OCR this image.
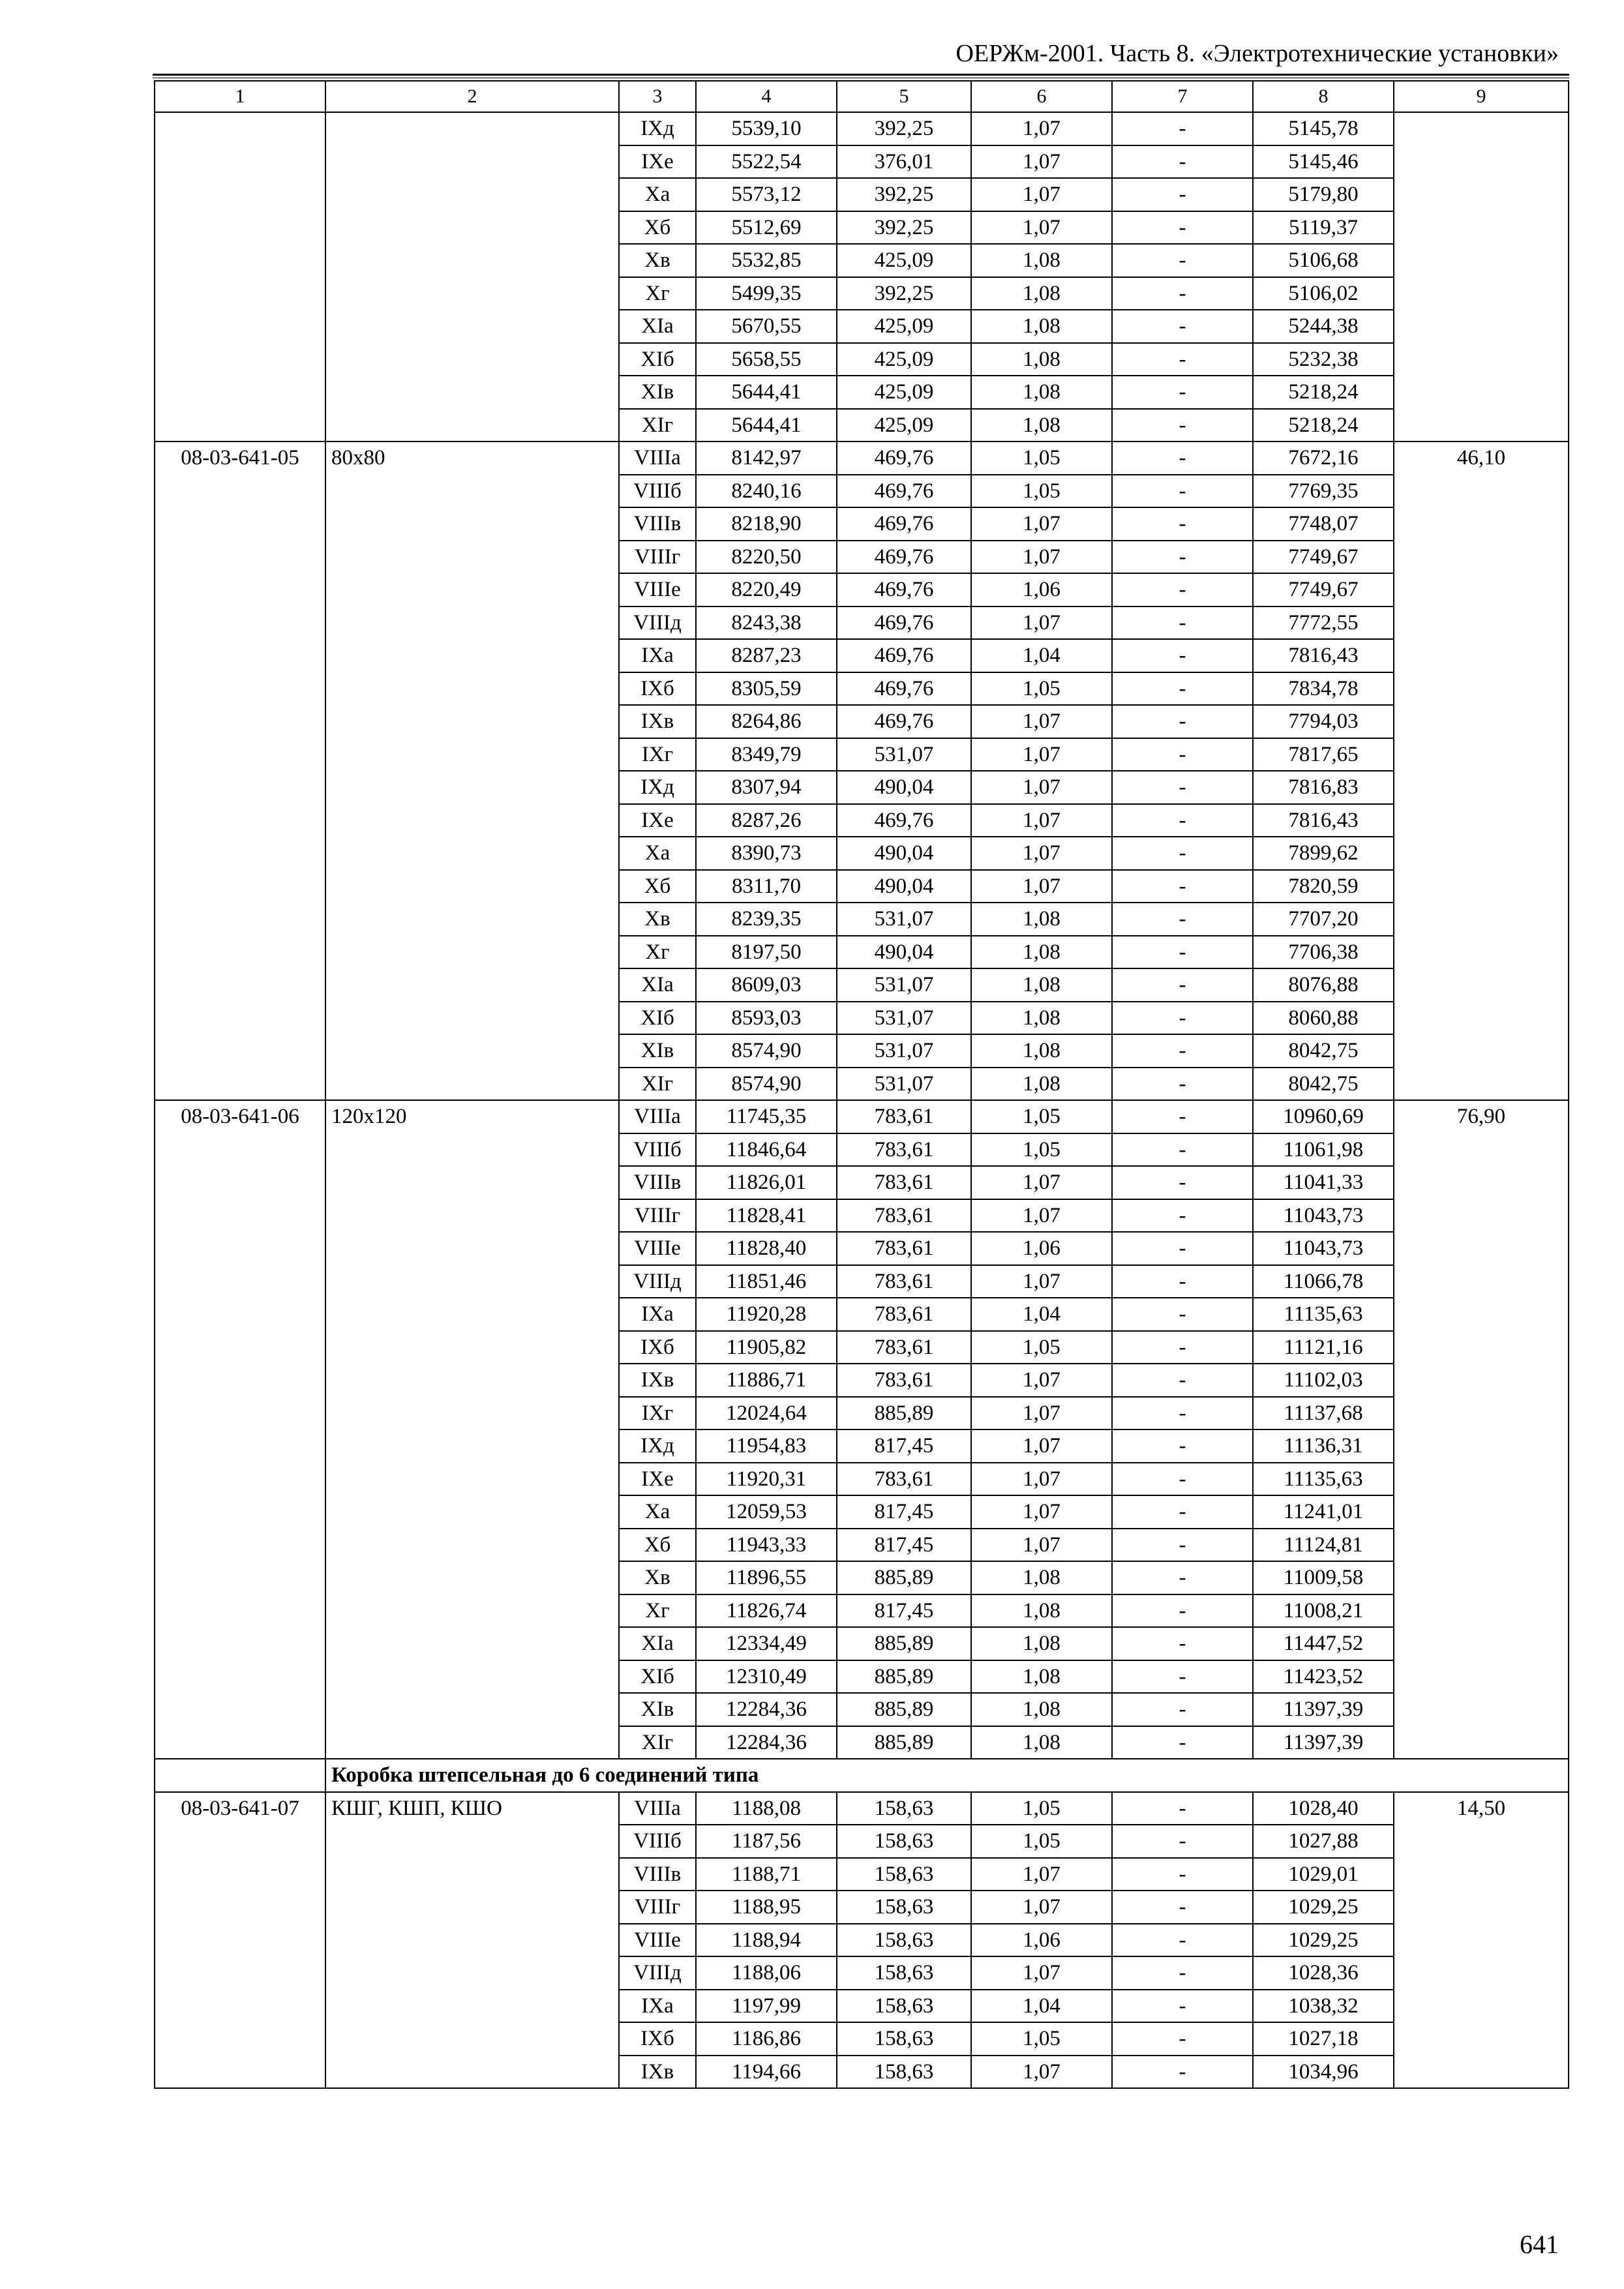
ОЕРЖм-2001. Часть 8. «Электротехнические установки»
1	2	3	4	5	6	7	8	9
		IXд	5539,10	392,25	1,07	-	5145,78	
		IXе	5522,54	376,01	1,07	-	5145,46	
		Xа	5573,12	392,25	1,07	-	5179,80	
		Xб	5512,69	392,25	1,07	-	5119,37	
		Xв	5532,85	425,09	1,08	-	5106,68	
		Xг	5499,35	392,25	1,08	-	5106,02	
		XIа	5670,55	425,09	1,08	-	5244,38	
		XIб	5658,55	425,09	1,08	-	5232,38	
		XIв	5644,41	425,09	1,08	-	5218,24	
		XIг	5644,41	425,09	1,08	-	5218,24	
08-03-641-05	80х80	VIIIа	8142,97	469,76	1,05	-	7672,16	46,10
		VIIIб	8240,16	469,76	1,05	-	7769,35	
		VIIIв	8218,90	469,76	1,07	-	7748,07	
		VIIIг	8220,50	469,76	1,07	-	7749,67	
		VIIIе	8220,49	469,76	1,06	-	7749,67	
		VIIIд	8243,38	469,76	1,07	-	7772,55	
		IXа	8287,23	469,76	1,04	-	7816,43	
		IXб	8305,59	469,76	1,05	-	7834,78	
		IXв	8264,86	469,76	1,07	-	7794,03	
		IXг	8349,79	531,07	1,07	-	7817,65	
		IXд	8307,94	490,04	1,07	-	7816,83	
		IXе	8287,26	469,76	1,07	-	7816,43	
		Xа	8390,73	490,04	1,07	-	7899,62	
		Xб	8311,70	490,04	1,07	-	7820,59	
		Xв	8239,35	531,07	1,08	-	7707,20	
		Xг	8197,50	490,04	1,08	-	7706,38	
		XIа	8609,03	531,07	1,08	-	8076,88	
		XIб	8593,03	531,07	1,08	-	8060,88	
		XIв	8574,90	531,07	1,08	-	8042,75	
		XIг	8574,90	531,07	1,08	-	8042,75	
08-03-641-06	120х120	VIIIа	11745,35	783,61	1,05	-	10960,69	76,90
		VIIIб	11846,64	783,61	1,05	-	11061,98	
		VIIIв	11826,01	783,61	1,07	-	11041,33	
		VIIIг	11828,41	783,61	1,07	-	11043,73	
		VIIIе	11828,40	783,61	1,06	-	11043,73	
		VIIIд	11851,46	783,61	1,07	-	11066,78	
		IXа	11920,28	783,61	1,04	-	11135,63	
		IXб	11905,82	783,61	1,05	-	11121,16	
		IXв	11886,71	783,61	1,07	-	11102,03	
		IXг	12024,64	885,89	1,07	-	11137,68	
		IXд	11954,83	817,45	1,07	-	11136,31	
		IXе	11920,31	783,61	1,07	-	11135,63	
		Xа	12059,53	817,45	1,07	-	11241,01	
		Xб	11943,33	817,45	1,07	-	11124,81	
		Xв	11896,55	885,89	1,08	-	11009,58	
		Xг	11826,74	817,45	1,08	-	11008,21	
		XIа	12334,49	885,89	1,08	-	11447,52	
		XIб	12310,49	885,89	1,08	-	11423,52	
		XIв	12284,36	885,89	1,08	-	11397,39	
		XIг	12284,36	885,89	1,08	-	11397,39	
	Коробка штепсельная до 6 соединений типа							
08-03-641-07	КШГ, КШП, КШО	VIIIа	1188,08	158,63	1,05	-	1028,40	14,50
		VIIIб	1187,56	158,63	1,05	-	1027,88	
		VIIIв	1188,71	158,63	1,07	-	1029,01	
		VIIIг	1188,95	158,63	1,07	-	1029,25	
		VIIIе	1188,94	158,63	1,06	-	1029,25	
		VIIIд	1188,06	158,63	1,07	-	1028,36	
		IXа	1197,99	158,63	1,04	-	1038,32	
		IXб	1186,86	158,63	1,05	-	1027,18	
		IXв	1194,66	158,63	1,07	-	1034,96	
641
